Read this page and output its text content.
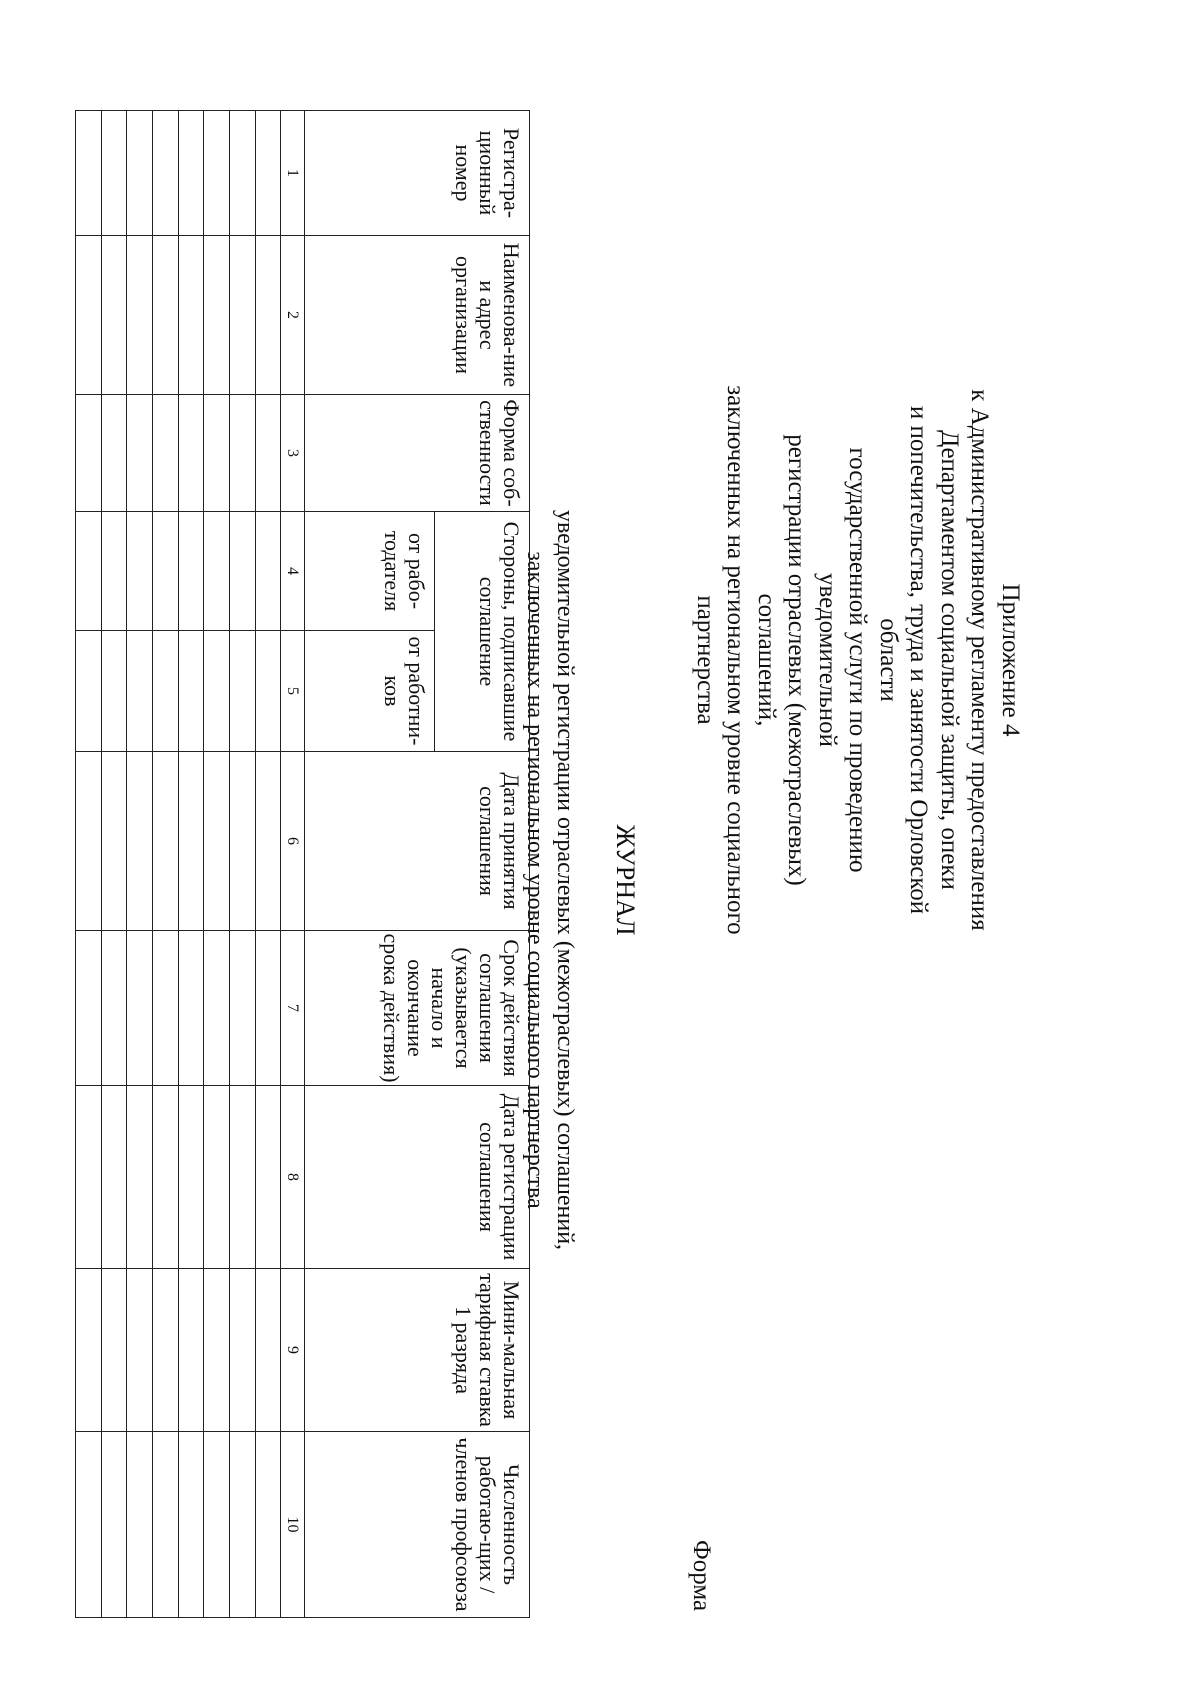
Приложение 4
к Административному регламенту предоставления
Департаментом социальной защиты, опеки
и попечительства, труда и занятости Орловской области
государственной услуги по проведению уведомительной
регистрации отраслевых (межотраслевых) соглашений,
заключенных на региональном уровне социального
партнерства
Форма
ЖУРНАЛ
уведомительной регистрации отраслевых (межотраслевых) соглашений,
заключенных на региональном уровне социального партнерства
Регистра-ционный номер	Наименова-ние и адрес организации	Форма соб-ственности	Стороны, подписавшие соглашение		Дата принятия соглашения	Срок действия соглашения (указывается начало и окончание срока действия)	Дата регистрации соглашения	Мини-мальная тарифная ставка 1 разряда	Численность работаю-щих / членов профсоюза
			от рабо-тодателя	от работни-ков					
1	2	3	4	5	6	7	8	9	10
